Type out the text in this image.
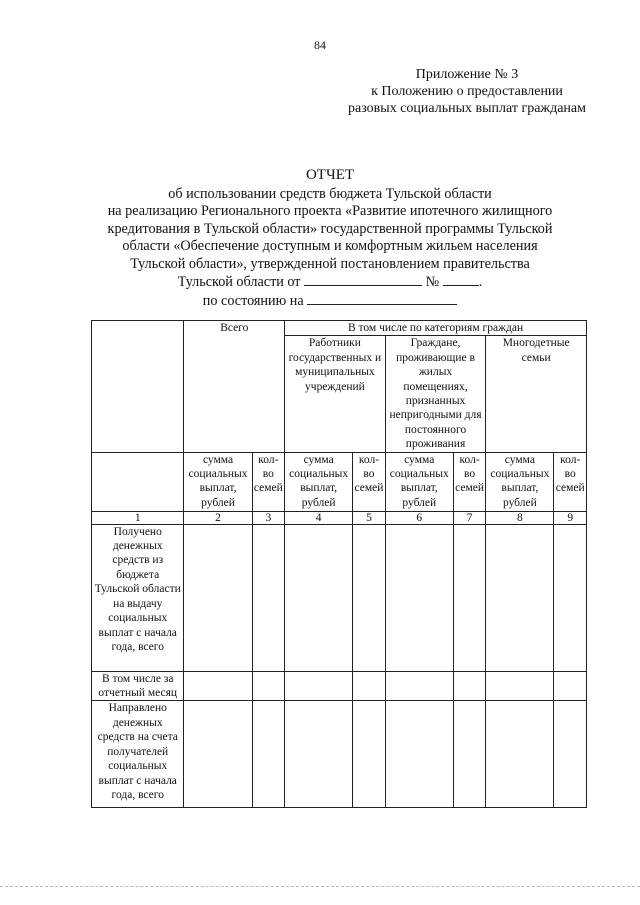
84
Приложение № 3
к Положению о предоставлении
разовых социальных выплат гражданам
ОТЧЕТ
об использовании средств бюджета Тульской области
на реализацию Регионального проекта «Развитие ипотечного жилищного
кредитования в Тульской области» государственной программы Тульской
области «Обеспечение доступным и комфортным жильем населения
Тульской области», утвержденной постановлением правительства
Тульской области от	№	.
по состоянию на
	Всего		В том числе по категориям граждан					
			Работники государственных и муниципальных учреждений		Граждане, проживающие в жилых помещениях, признанных непригодными для постоянного проживания		Многодетные семьи	
	сумма социальных выплат, рублей	кол-во семей	сумма социальных выплат, рублей	кол-во семей	сумма социальных выплат, рублей	кол-во семей	сумма социальных выплат, рублей	кол-во семей
1	2	3	4	5	6	7	8	9
Получено денежных средств из бюджета Тульской области на выдачу социальных выплат с начала года, всего								
В том числе за отчетный месяц								
Направлено денежных средств на счета получателей социальных выплат с начала года, всего								
